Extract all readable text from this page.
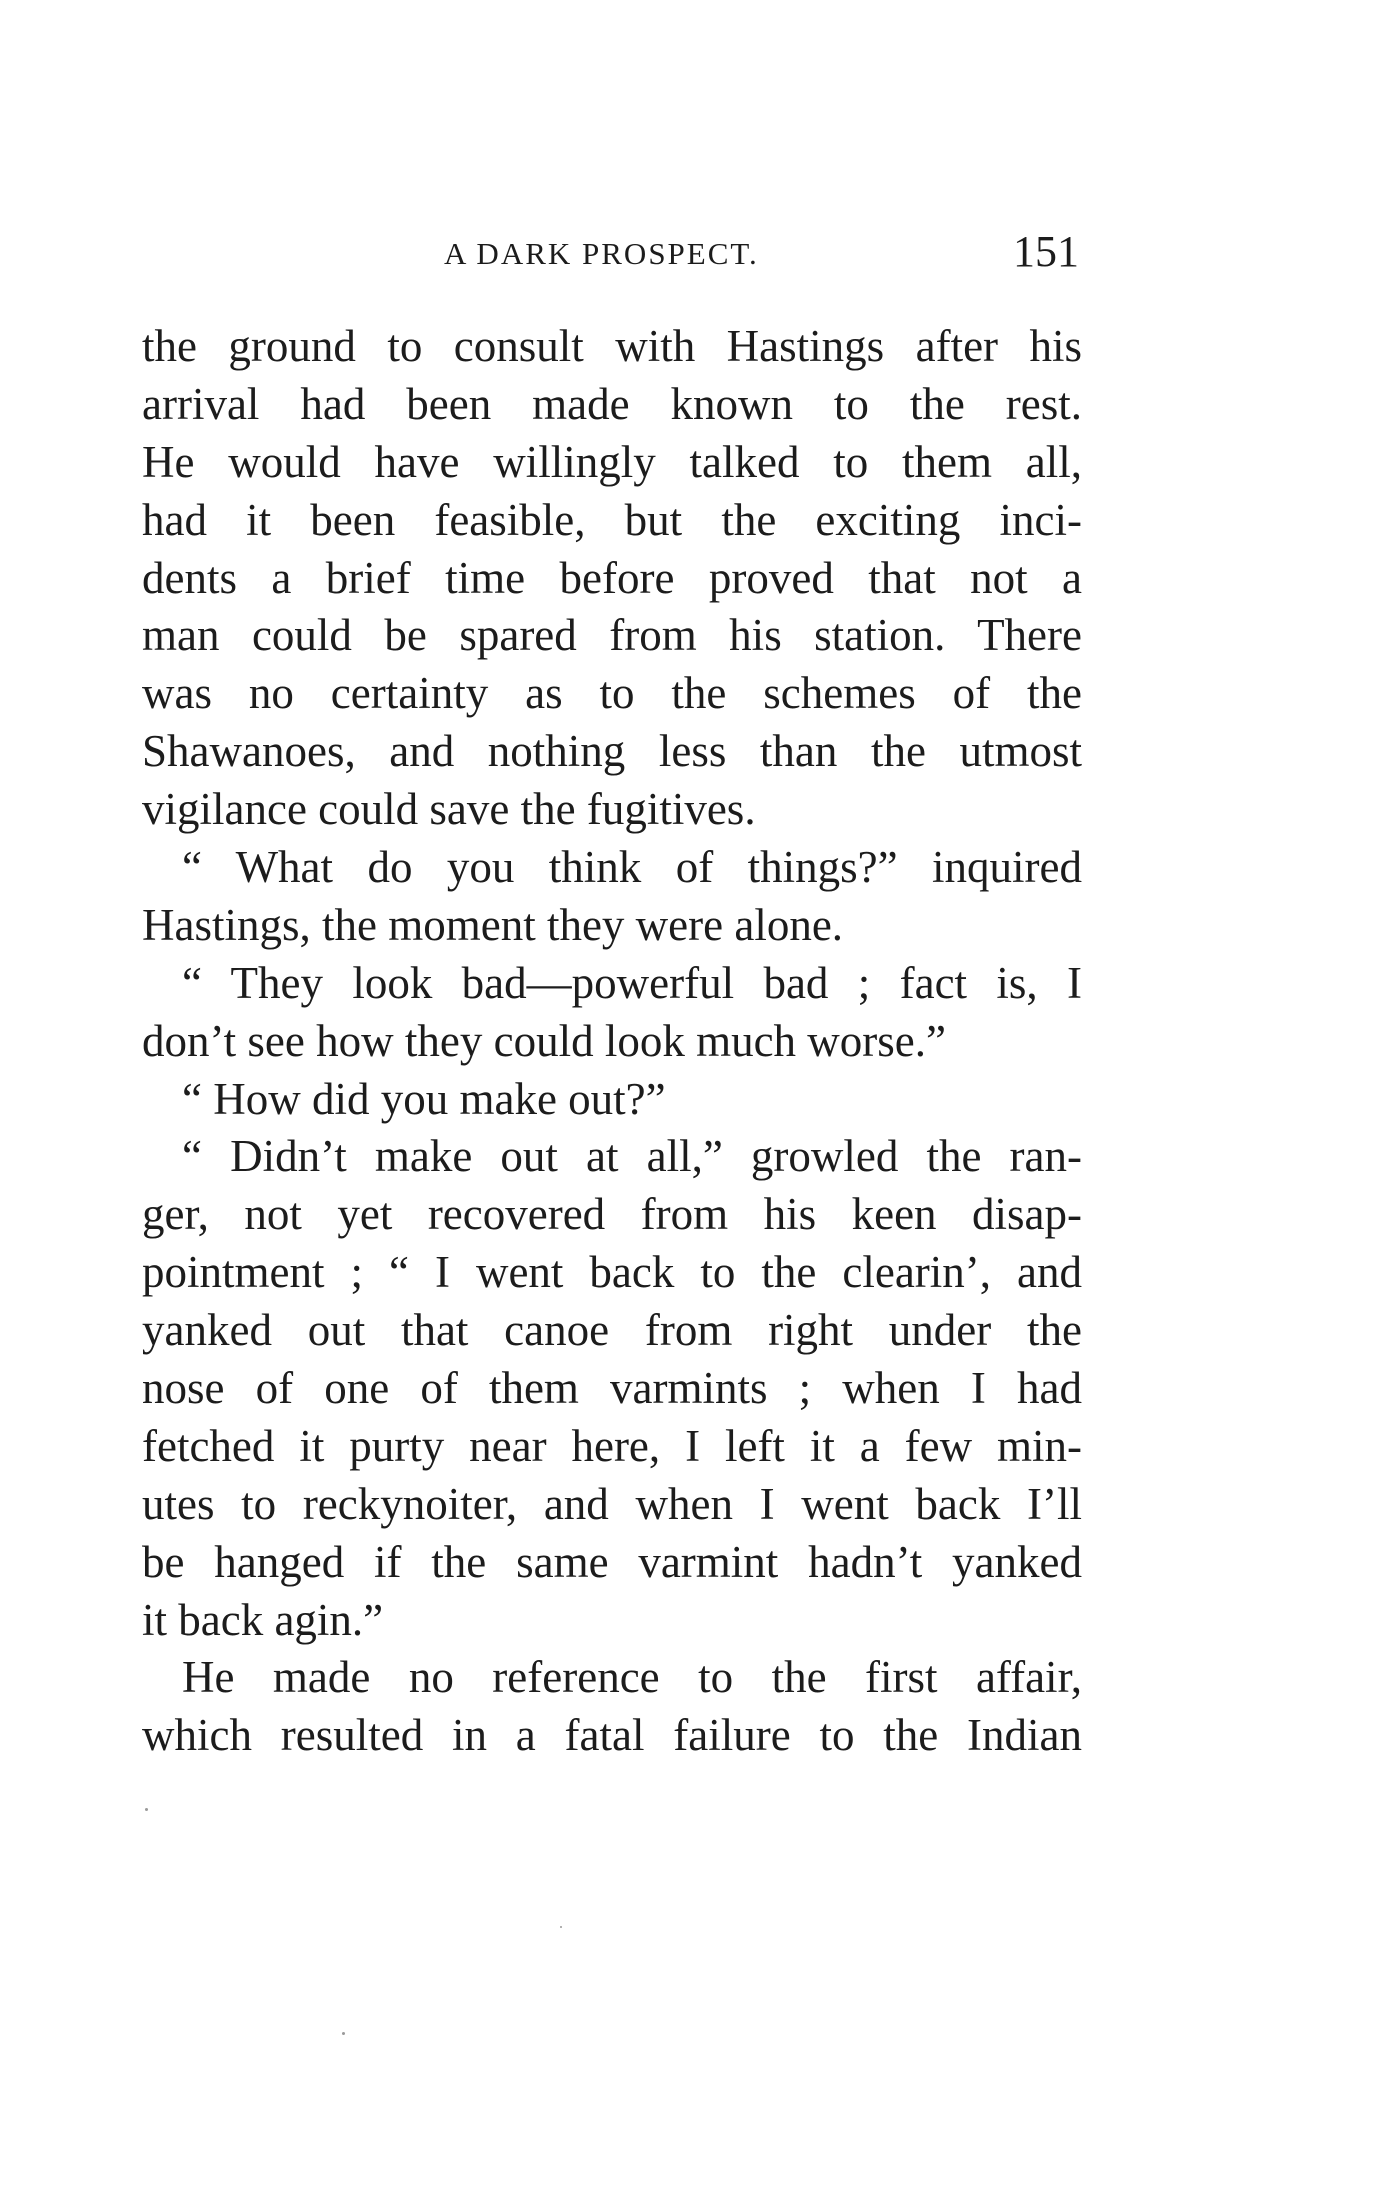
A DARK PROSPECT.	151
the ground to consult with Hastings after his
arrival had been made known to the rest.
He would have willingly talked to them all,
had it been feasible, but the exciting inci-
dents a brief time before proved that not a
man could be spared from his station. There
was no certainty as to the schemes of the
Shawanoes, and nothing less than the utmost
vigilance could save the fugitives.
“ What do you think of things?” inquired
Hastings, the moment they were alone.
“ They look bad—powerful bad ; fact is, I
don’t see how they could look much worse.”
“ How did you make out?”
“ Didn’t make out at all,” growled the ran-
ger, not yet recovered from his keen disap-
pointment ; “ I went back to the clearin’, and
yanked out that canoe from right under the
nose of one of them varmints ; when I had
fetched it purty near here, I left it a few min-
utes to reckynoiter, and when I went back I’ll
be hanged if the same varmint hadn’t yanked
it back agin.”
He made no reference to the first affair,
which resulted in a fatal failure to the Indian
